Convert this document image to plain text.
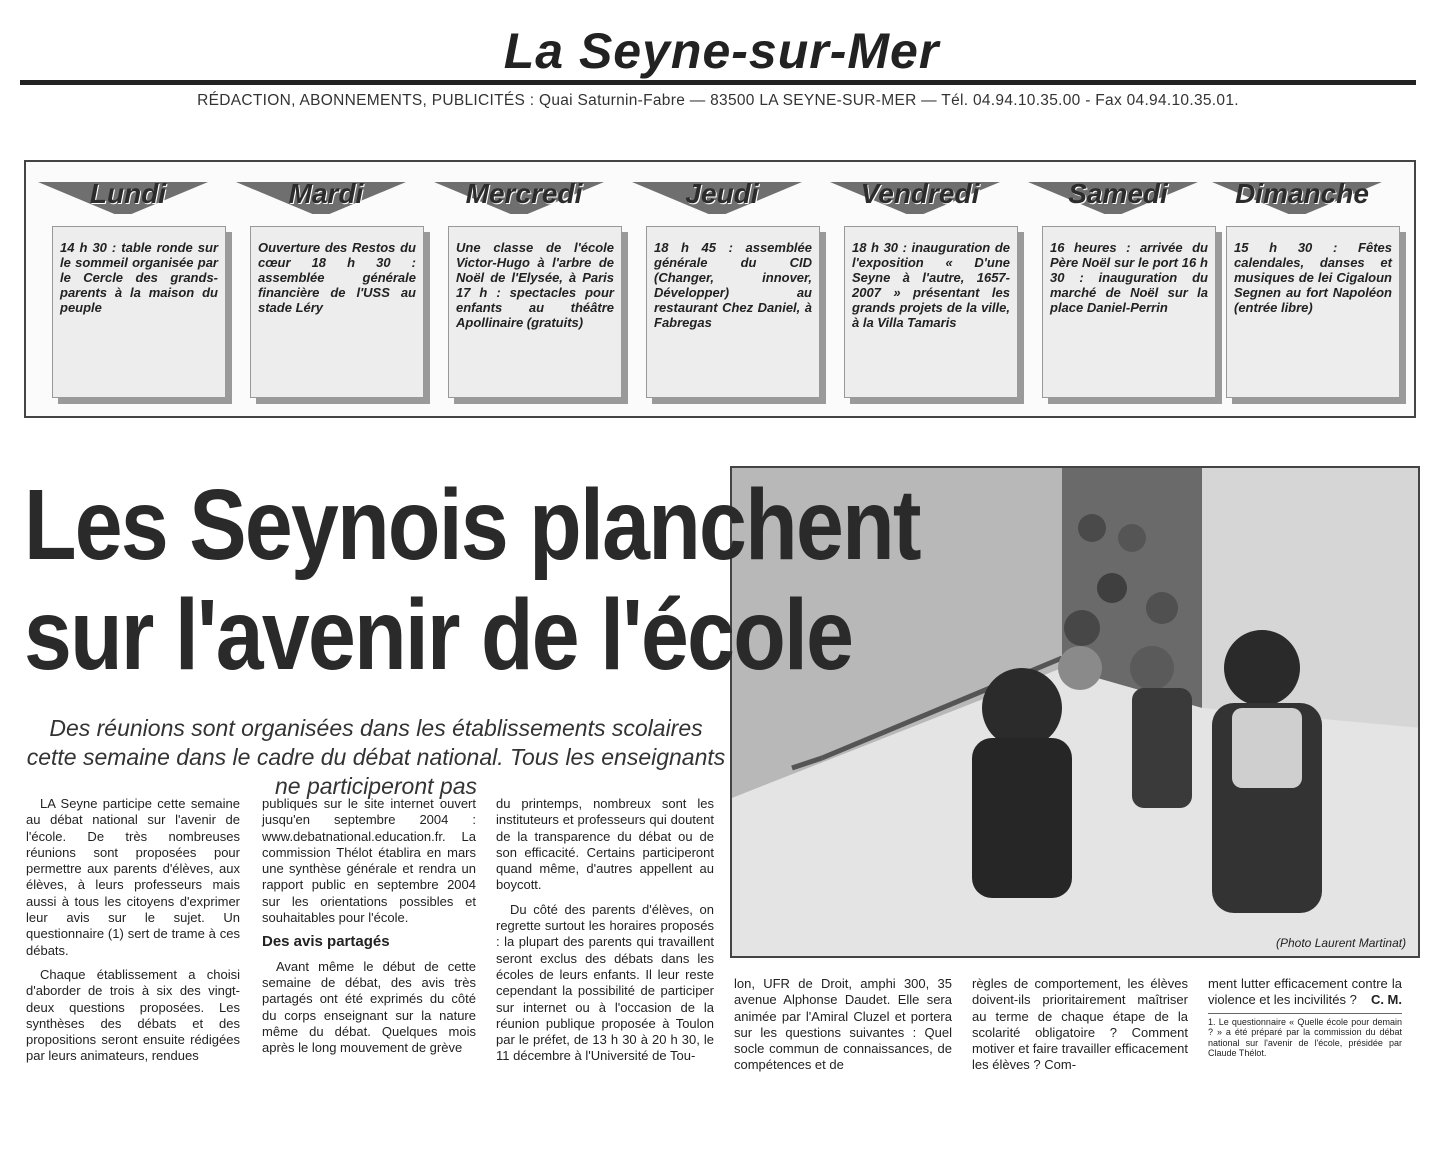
La Seyne-sur-Mer
RÉDACTION, ABONNEMENTS, PUBLICITÉS : Quai Saturnin-Fabre — 83500 LA SEYNE-SUR-MER — Tél. 04.94.10.35.00 - Fax 04.94.10.35.01.
Lundi
14 h 30 : table ronde sur le sommeil organisée par le Cercle des grands-parents à la maison du peuple
Mardi
Ouverture des Restos du cœur 18 h 30 : assemblée générale financière de l'USS au stade Léry
Mercredi
Une classe de l'école Victor-Hugo à l'arbre de Noël de l'Elysée, à Paris 17 h : spectacles pour enfants au théâtre Apollinaire (gratuits)
Jeudi
18 h 45 : assemblée générale du CID (Changer, innover, Développer) au restaurant Chez Daniel, à Fabregas
Vendredi
18 h 30 : inauguration de l'exposition « D'une Seyne à l'autre, 1657-2007 » présentant les grands projets de la ville, à la Villa Tamaris
Samedi
16 heures : arrivée du Père Noël sur le port 16 h 30 : inauguration du marché de Noël sur la place Daniel-Perrin
Dimanche
15 h 30 : Fêtes calendales, danses et musiques de lei Cigaloun Segnen au fort Napoléon (entrée libre)
(Photo Laurent Martinat)
Les Seynois planchent
sur l'avenir de l'école
Des réunions sont organisées dans les établissements scolaires cette semaine dans le cadre du débat national. Tous les enseignants ne participeront pas

LA Seyne participe cette semaine au débat national sur l'avenir de l'école. De très nombreuses réunions sont proposées pour permettre aux parents d'élèves, aux élèves, à leurs professeurs mais aussi à tous les citoyens d'exprimer leur avis sur le sujet. Un questionnaire (1) sert de trame à ces débats.

Chaque établissement a choisi d'aborder de trois à six des vingt-deux questions proposées. Les synthèses des débats et des propositions seront ensuite rédigées par leurs animateurs, rendues

publiques sur le site internet ouvert jusqu'en septembre 2004 : www.debatnational.education.fr. La commission Thélot établira en mars une synthèse générale et rendra un rapport public en septembre 2004 sur les orientations possibles et souhaitables pour l'école.

Des avis partagés

Avant même le début de cette semaine de débat, des avis très partagés ont été exprimés du côté du corps enseignant sur la nature même du débat. Quelques mois après le long mouvement de grève

du printemps, nombreux sont les instituteurs et professeurs qui doutent de la transparence du débat ou de son efficacité. Certains participeront quand même, d'autres appellent au boycott.

Du côté des parents d'élèves, on regrette surtout les horaires proposés : la plupart des parents qui travaillent seront exclus des débats dans les écoles de leurs enfants. Il leur reste cependant la possibilité de participer sur internet ou à l'occasion de la réunion publique proposée à Toulon par le préfet, de 13 h 30 à 20 h 30, le 11 décembre à l'Université de Tou-

lon, UFR de Droit, amphi 300, 35 avenue Alphonse Daudet. Elle sera animée par l'Amiral Cluzel et portera sur les questions suivantes : Quel socle commun de connaissances, de compétences et de

règles de comportement, les élèves doivent-ils prioritairement maîtriser au terme de chaque étape de la scolarité obligatoire ? Comment motiver et faire travailler efficacement les élèves ? Com-

ment lutter efficacement contre la violence et les incivilités ? C. M.

1. Le questionnaire « Quelle école pour demain ? » a été préparé par la commission du débat national sur l'avenir de l'école, présidée par Claude Thélot.
